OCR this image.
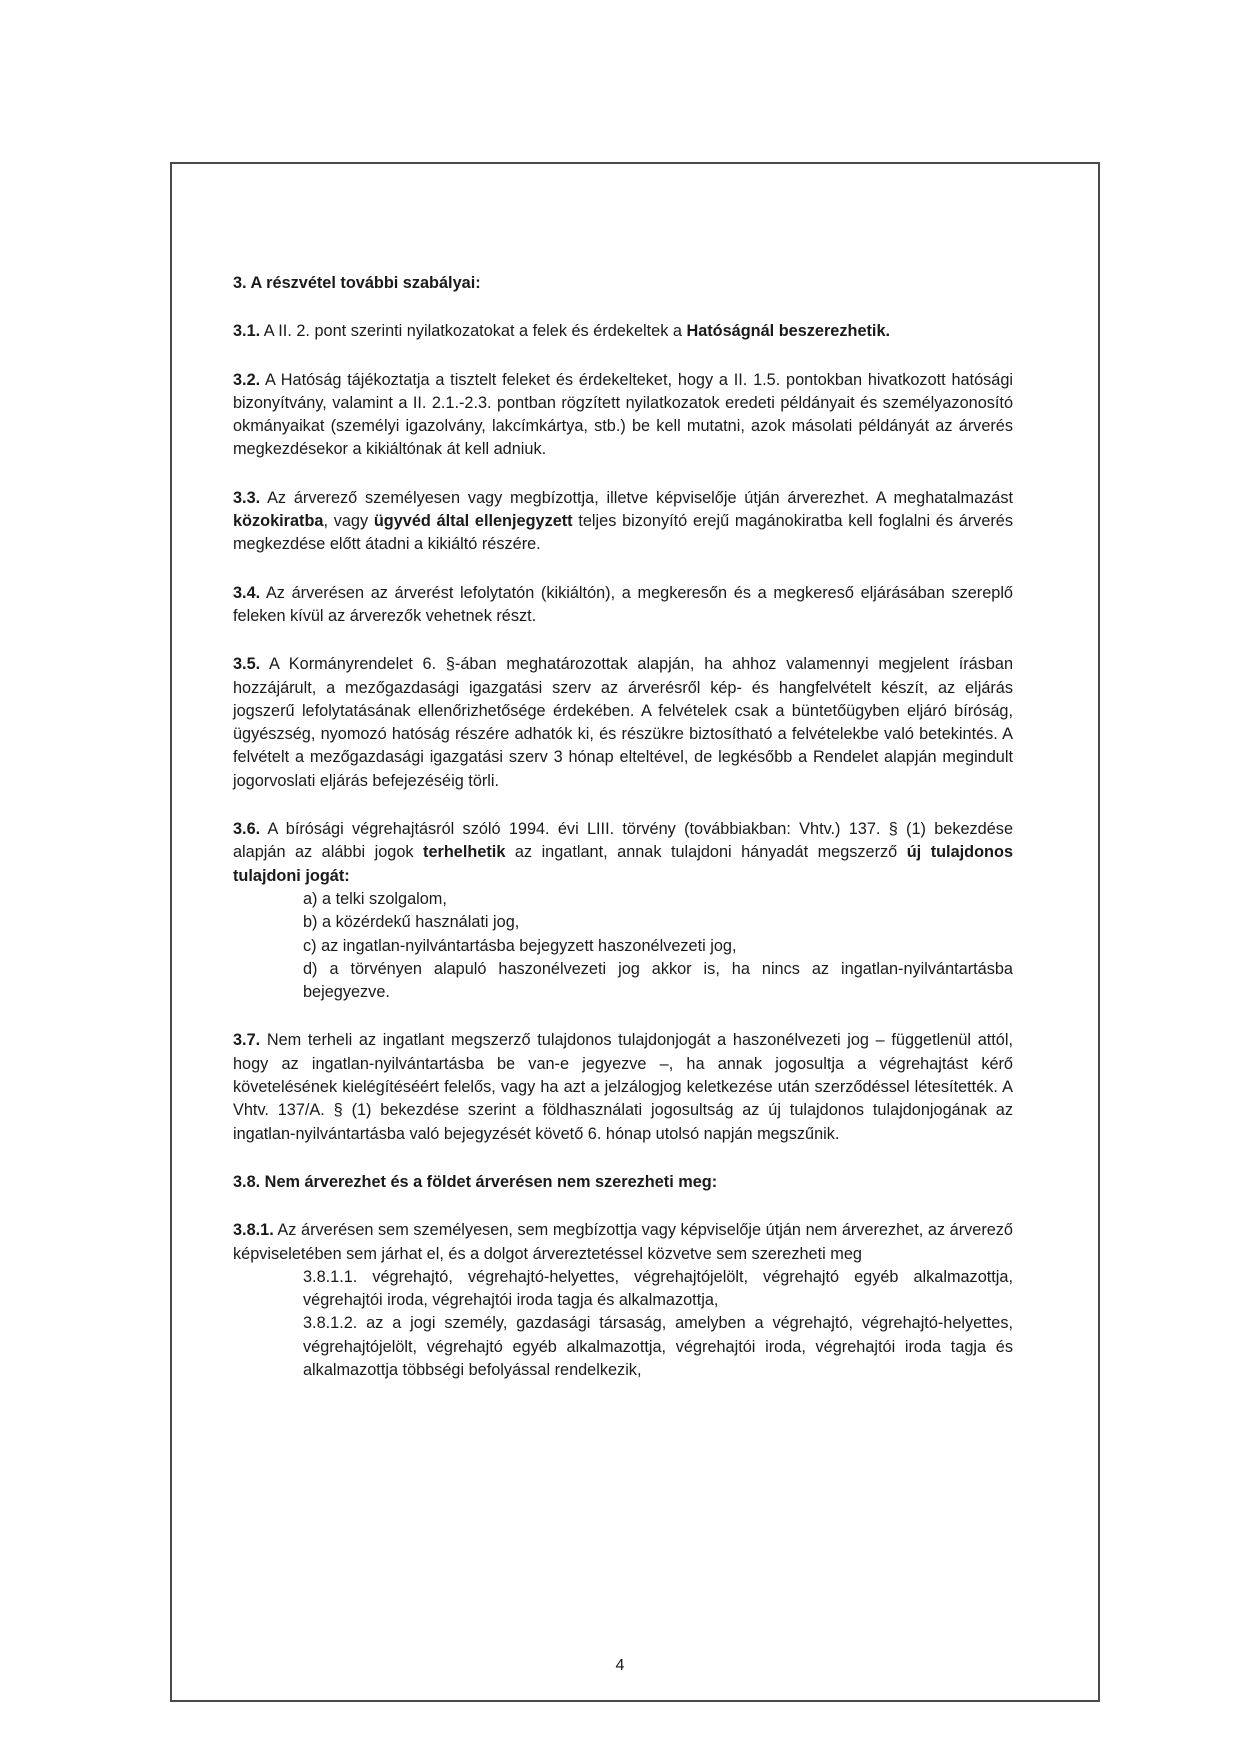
3. A részvétel további szabályai:

3.1. A II. 2. pont szerinti nyilatkozatokat a felek és érdekeltek a Hatóságnál beszerezhetik.

3.2. A Hatóság tájékoztatja a tisztelt feleket és érdekelteket, hogy a II. 1.5. pontokban hivatkozott hatósági bizonyítvány, valamint a II. 2.1.-2.3. pontban rögzített nyilatkozatok eredeti példányait és személyazonosító okmányaikat (személyi igazolvány, lakcímkártya, stb.) be kell mutatni, azok másolati példányát az árverés megkezdésekor a kikiáltónak át kell adniuk.

3.3. Az árverező személyesen vagy megbízottja, illetve képviselője útján árverezhet. A meghatalmazást közokiratba, vagy ügyvéd által ellenjegyzett teljes bizonyító erejű magánokiratba kell foglalni és árverés megkezdése előtt átadni a kikiáltó részére.

3.4. Az árverésen az árverést lefolytatón (kikiáltón), a megkeresőn és a megkereső eljárásában szereplő feleken kívül az árverezők vehetnek részt.

3.5. A Kormányrendelet 6. §-ában meghatározottak alapján, ha ahhoz valamennyi megjelent írásban hozzájárult, a mezőgazdasági igazgatási szerv az árverésről kép- és hangfelvételt készít, az eljárás jogszerű lefolytatásának ellenőrizhetősége érdekében. A felvételek csak a büntetőügyben eljáró bíróság, ügyészség, nyomozó hatóság részére adhatók ki, és részükre biztosítható a felvételekbe való betekintés. A felvételt a mezőgazdasági igazgatási szerv 3 hónap elteltével, de legkésőbb a Rendelet alapján megindult jogorvoslati eljárás befejezéséig törli.

3.6. A bírósági végrehajtásról szóló 1994. évi LIII. törvény (továbbiakban: Vhtv.) 137. § (1) bekezdése alapján az alábbi jogok terhelhetik az ingatlant, annak tulajdoni hányadát megszerző új tulajdonos tulajdoni jogát:

a) a telki szolgalom,
b) a közérdekű használati jog,
c) az ingatlan-nyilvántartásba bejegyzett haszonélvezeti jog,
d) a törvényen alapuló haszonélvezeti jog akkor is, ha nincs az ingatlan-nyilvántartásba bejegyezve.

3.7. Nem terheli az ingatlant megszerző tulajdonos tulajdonjogát a haszonélvezeti jog – függetlenül attól, hogy az ingatlan-nyilvántartásba be van-e jegyezve –, ha annak jogosultja a végrehajtást kérő követelésének kielégítéséért felelős, vagy ha azt a jelzálogjog keletkezése után szerződéssel létesítették. A Vhtv. 137/A. § (1) bekezdése szerint a földhasználati jogosultság az új tulajdonos tulajdonjogának az ingatlan-nyilvántartásba való bejegyzését követő 6. hónap utolsó napján megszűnik.

3.8. Nem árverezhet és a földet árverésen nem szerezheti meg:

3.8.1. Az árverésen sem személyesen, sem megbízottja vagy képviselője útján nem árverezhet, az árverező képviseletében sem járhat el, és a dolgot árvereztetéssel közvetve sem szerezheti meg

3.8.1.1. végrehajtó, végrehajtó-helyettes, végrehajtójelölt, végrehajtó egyéb alkalmazottja, végrehajtói iroda, végrehajtói iroda tagja és alkalmazottja,
3.8.1.2. az a jogi személy, gazdasági társaság, amelyben a végrehajtó, végrehajtó-helyettes, végrehajtójelölt, végrehajtó egyéb alkalmazottja, végrehajtói iroda, végrehajtói iroda tagja és alkalmazottja többségi befolyással rendelkezik,
4
